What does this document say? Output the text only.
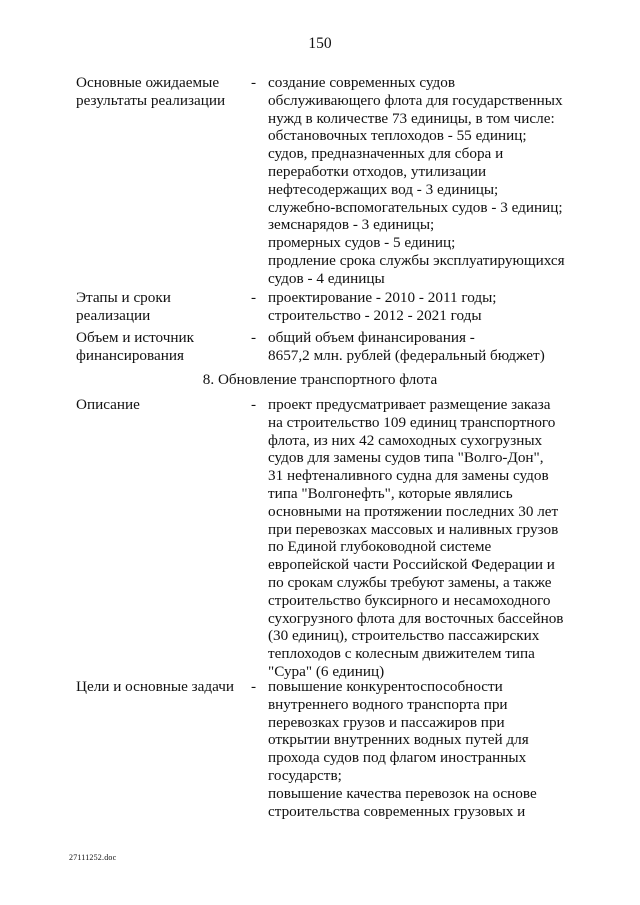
150
Основные ожидаемые
результаты реализации
- создание современных судов
обслуживающего флота для государственных
нужд в количестве 73 единицы, в том числе:
обстановочных теплоходов - 55 единиц;
судов, предназначенных для сбора и
переработки отходов, утилизации
нефтесодержащих вод - 3 единицы;
служебно-вспомогательных судов - 3 единиц;
земснарядов - 3 единицы;
промерных судов - 5 единиц;
продление срока службы эксплуатирующихся
судов - 4 единицы
Этапы и сроки
реализации
- проектирование - 2010 - 2011 годы;
строительство - 2012 - 2021 годы
Объем и источник
финансирования
- общий объем финансирования -
8657,2 млн. рублей (федеральный бюджет)
8. Обновление транспортного флота
Описание	- проект предусматривает размещение заказа
на строительство 109 единиц транспортного
флота, из них 42 самоходных сухогрузных
судов для замены судов типа "Волго-Дон",
31 нефтеналивного судна для замены судов
типа "Волгонефть", которые являлись
основными на протяжении последних 30 лет
при перевозках массовых и наливных грузов
по Единой глубоководной системе
европейской части Российской Федерации и
по срокам службы требуют замены, а также
строительство буксирного и несамоходного
сухогрузного флота для восточных бассейнов
(30 единиц), строительство пассажирских
теплоходов с колесным движителем типа
"Сура" (6 единиц)
Цели и основные задачи	- повышение конкурентоспособности
внутреннего водного транспорта при
перевозках грузов и пассажиров при
открытии внутренних водных путей для
прохода судов под флагом иностранных
государств;
повышение качества перевозок на основе
строительства современных грузовых и
27111252.doc
